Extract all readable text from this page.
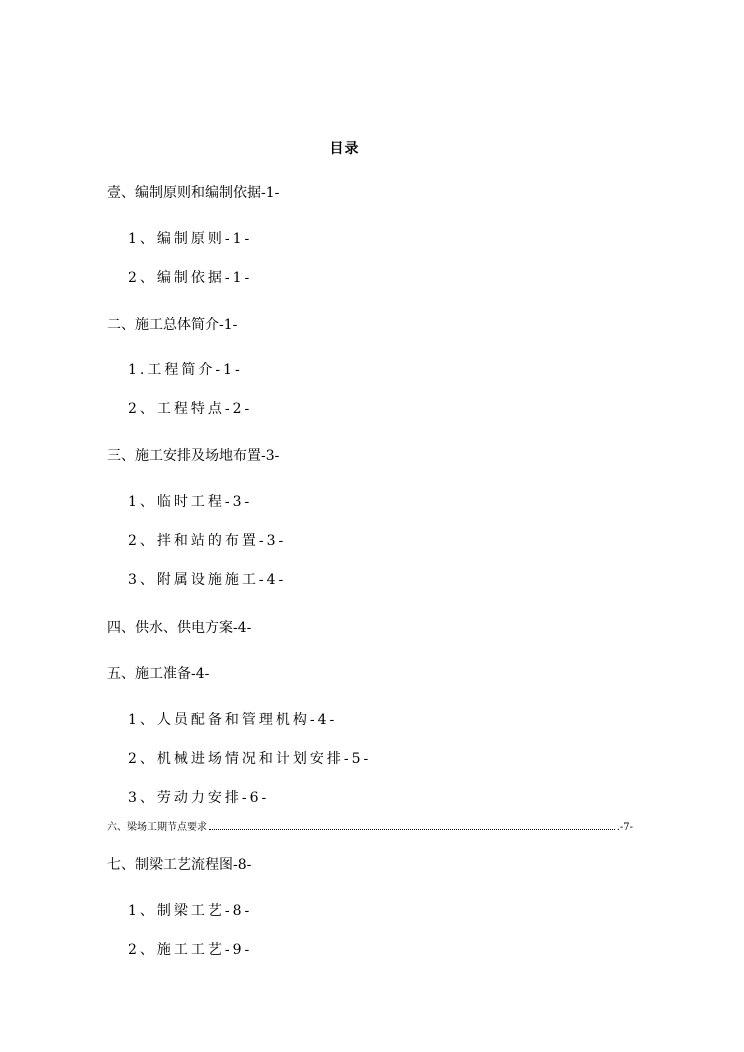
目录
壹、编制原则和编制依据-1-
1、编制原则-1-
2、编制依据-1-
二、施工总体简介-1-
1.工程简介-1-
2、工程特点-2-
三、施工安排及场地布置-3-
1、临时工程-3-
2、拌和站的布置-3-
3、附属设施施工-4-
四、供水、供电方案-4-
五、施工准备-4-
1、人员配备和管理机构-4-
2、机械进场情况和计划安排-5-
3、劳动力安排-6-
六、梁场工期节点要求	.-7-
七、制梁工艺流程图-8-
1、制梁工艺-8-
2、施工工艺-9-
